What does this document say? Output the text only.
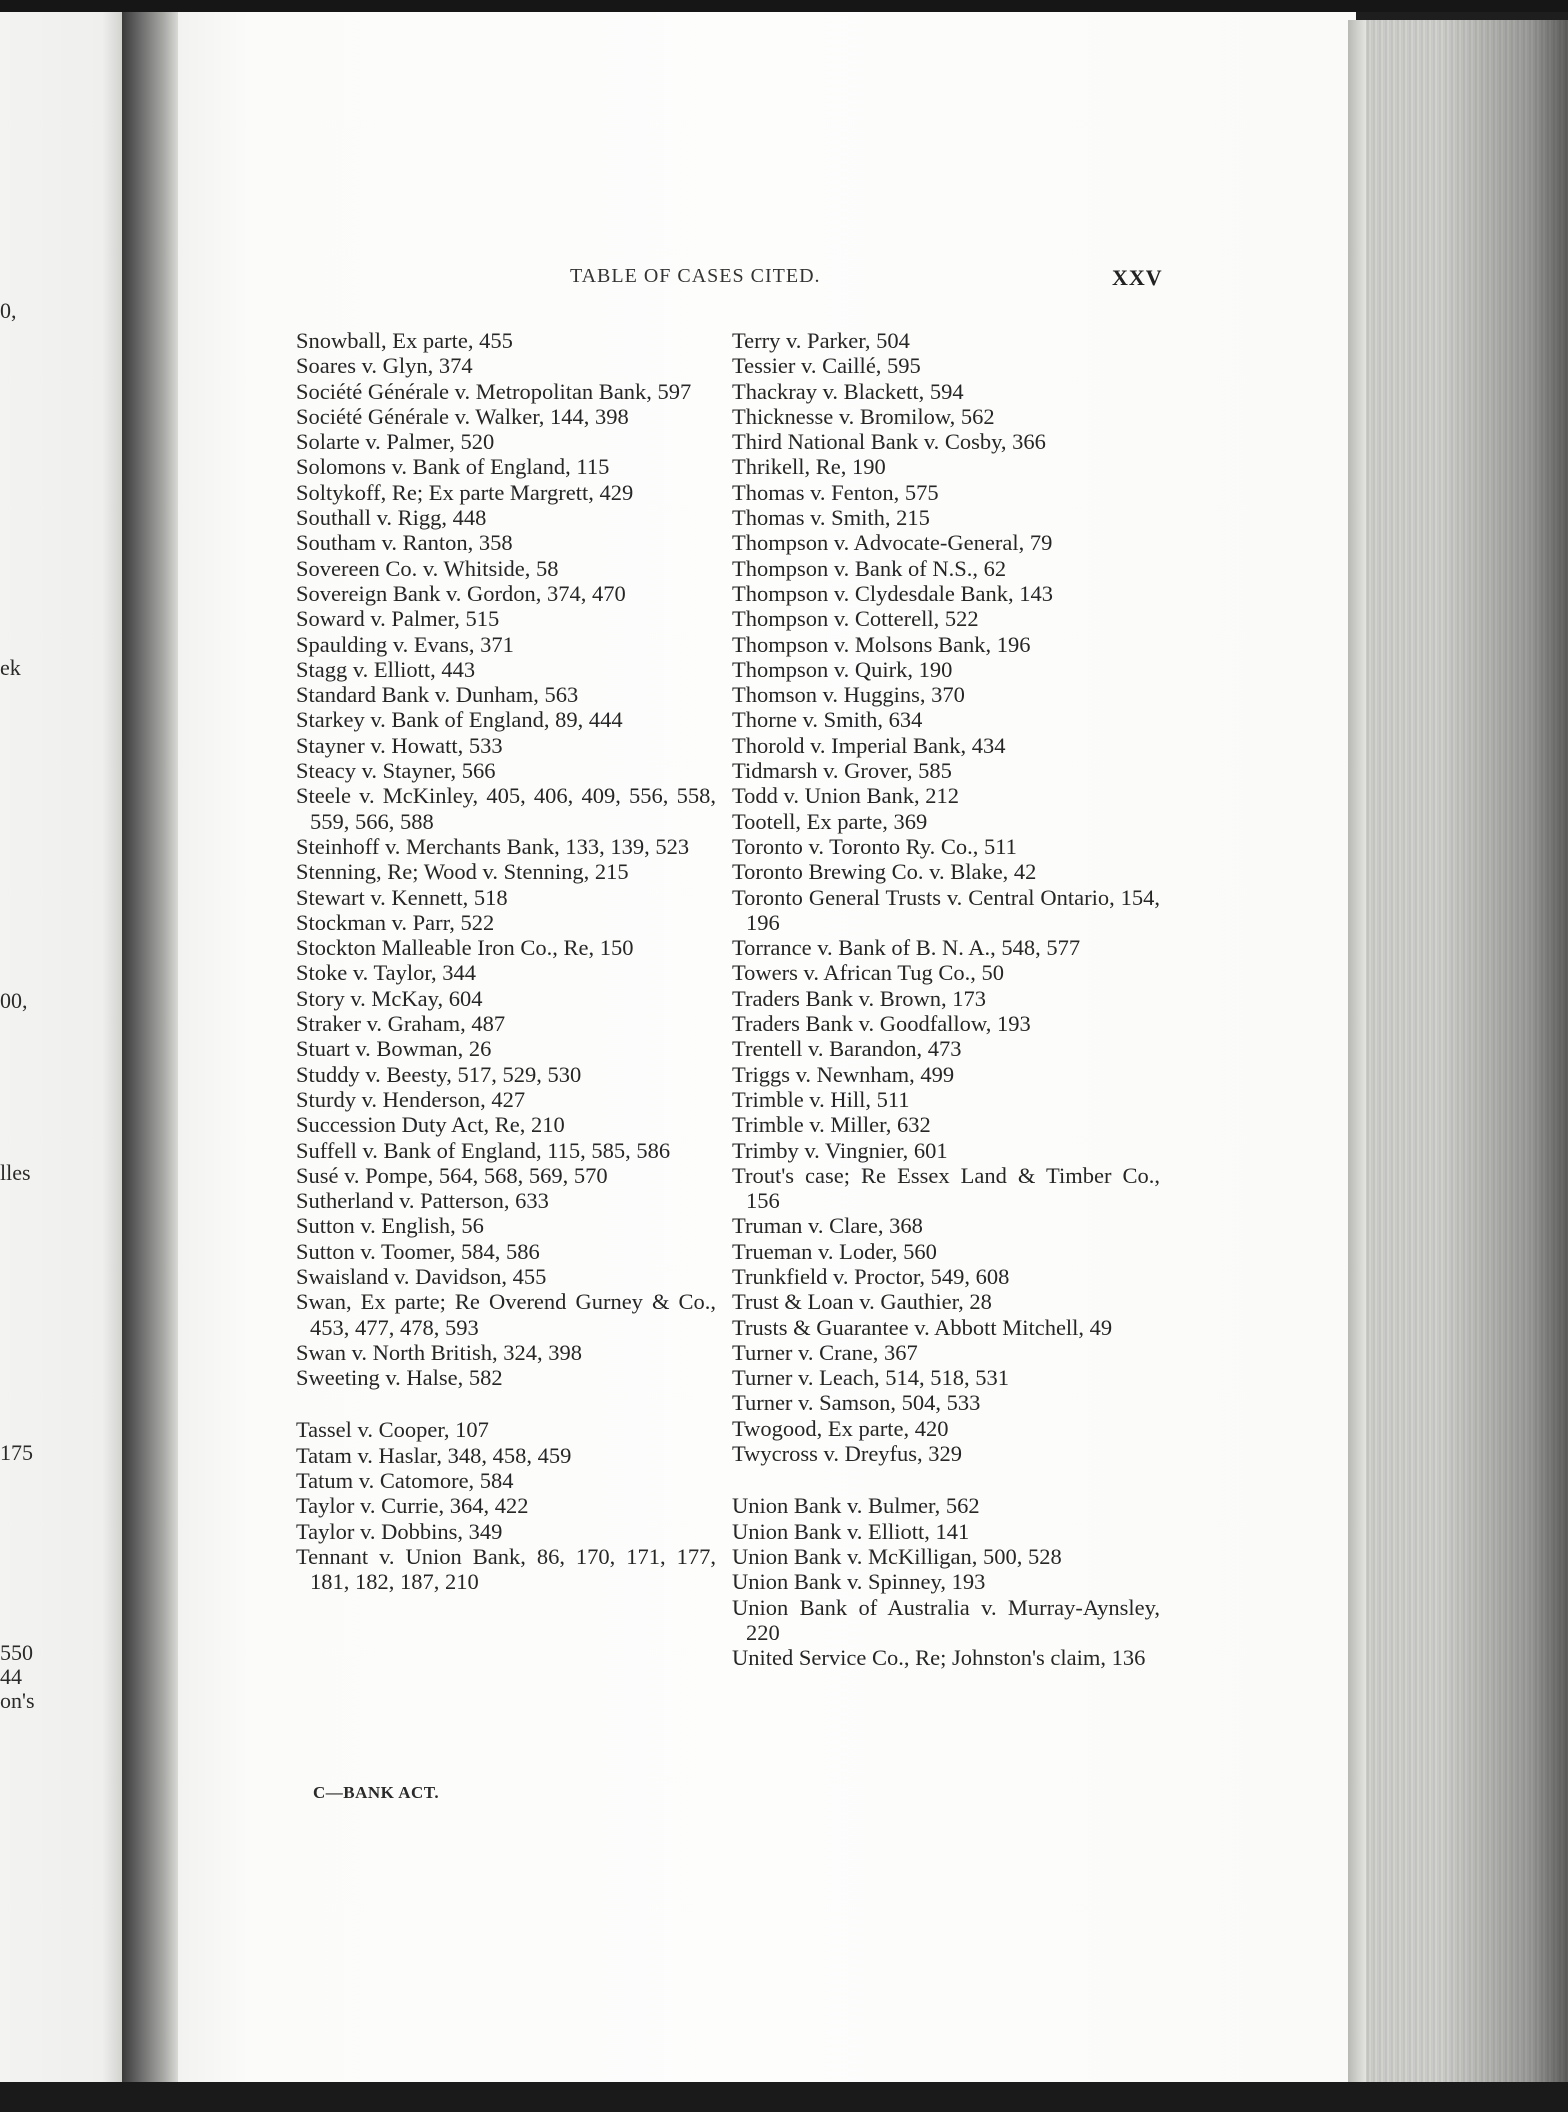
0,
ek
00,
lles
175
550
44
on's
TABLE OF CASES CITED.	XXV
Snowball, Ex parte, 455
Soares v. Glyn, 374
Société Générale v. Metropolitan Bank, 597
Société Générale v. Walker, 144, 398
Solarte v. Palmer, 520
Solomons v. Bank of England, 115
Soltykoff, Re; Ex parte Margrett, 429
Southall v. Rigg, 448
Southam v. Ranton, 358
Sovereen Co. v. Whitside, 58
Sovereign Bank v. Gordon, 374, 470
Soward v. Palmer, 515
Spaulding v. Evans, 371
Stagg v. Elliott, 443
Standard Bank v. Dunham, 563
Starkey v. Bank of England, 89, 444
Stayner v. Howatt, 533
Steacy v. Stayner, 566
Steele v. McKinley, 405, 406, 409, 556, 558, 559, 566, 588
Steinhoff v. Merchants Bank, 133, 139, 523
Stenning, Re; Wood v. Stenning, 215
Stewart v. Kennett, 518
Stockman v. Parr, 522
Stockton Malleable Iron Co., Re, 150
Stoke v. Taylor, 344
Story v. McKay, 604
Straker v. Graham, 487
Stuart v. Bowman, 26
Studdy v. Beesty, 517, 529, 530
Sturdy v. Henderson, 427
Succession Duty Act, Re, 210
Suffell v. Bank of England, 115, 585, 586
Susé v. Pompe, 564, 568, 569, 570
Sutherland v. Patterson, 633
Sutton v. English, 56
Sutton v. Toomer, 584, 586
Swaisland v. Davidson, 455
Swan, Ex parte; Re Overend Gurney & Co., 453, 477, 478, 593
Swan v. North British, 324, 398
Sweeting v. Halse, 582
Tassel v. Cooper, 107
Tatam v. Haslar, 348, 458, 459
Tatum v. Catomore, 584
Taylor v. Currie, 364, 422
Taylor v. Dobbins, 349
Tennant v. Union Bank, 86, 170, 171, 177, 181, 182, 187, 210
Terry v. Parker, 504
Tessier v. Caillé, 595
Thackray v. Blackett, 594
Thicknesse v. Bromilow, 562
Third National Bank v. Cosby, 366
Thrikell, Re, 190
Thomas v. Fenton, 575
Thomas v. Smith, 215
Thompson v. Advocate-General, 79
Thompson v. Bank of N.S., 62
Thompson v. Clydesdale Bank, 143
Thompson v. Cotterell, 522
Thompson v. Molsons Bank, 196
Thompson v. Quirk, 190
Thomson v. Huggins, 370
Thorne v. Smith, 634
Thorold v. Imperial Bank, 434
Tidmarsh v. Grover, 585
Todd v. Union Bank, 212
Tootell, Ex parte, 369
Toronto v. Toronto Ry. Co., 511
Toronto Brewing Co. v. Blake, 42
Toronto General Trusts v. Central Ontario, 154, 196
Torrance v. Bank of B. N. A., 548, 577
Towers v. African Tug Co., 50
Traders Bank v. Brown, 173
Traders Bank v. Goodfallow, 193
Trentell v. Barandon, 473
Triggs v. Newnham, 499
Trimble v. Hill, 511
Trimble v. Miller, 632
Trimby v. Vingnier, 601
Trout's case; Re Essex Land & Timber Co., 156
Truman v. Clare, 368
Trueman v. Loder, 560
Trunkfield v. Proctor, 549, 608
Trust & Loan v. Gauthier, 28
Trusts & Guarantee v. Abbott Mitchell, 49
Turner v. Crane, 367
Turner v. Leach, 514, 518, 531
Turner v. Samson, 504, 533
Twogood, Ex parte, 420
Twycross v. Dreyfus, 329
Union Bank v. Bulmer, 562
Union Bank v. Elliott, 141
Union Bank v. McKilligan, 500, 528
Union Bank v. Spinney, 193
Union Bank of Australia v. Murray-Aynsley, 220
United Service Co., Re; Johnston's claim, 136
C—BANK ACT.
